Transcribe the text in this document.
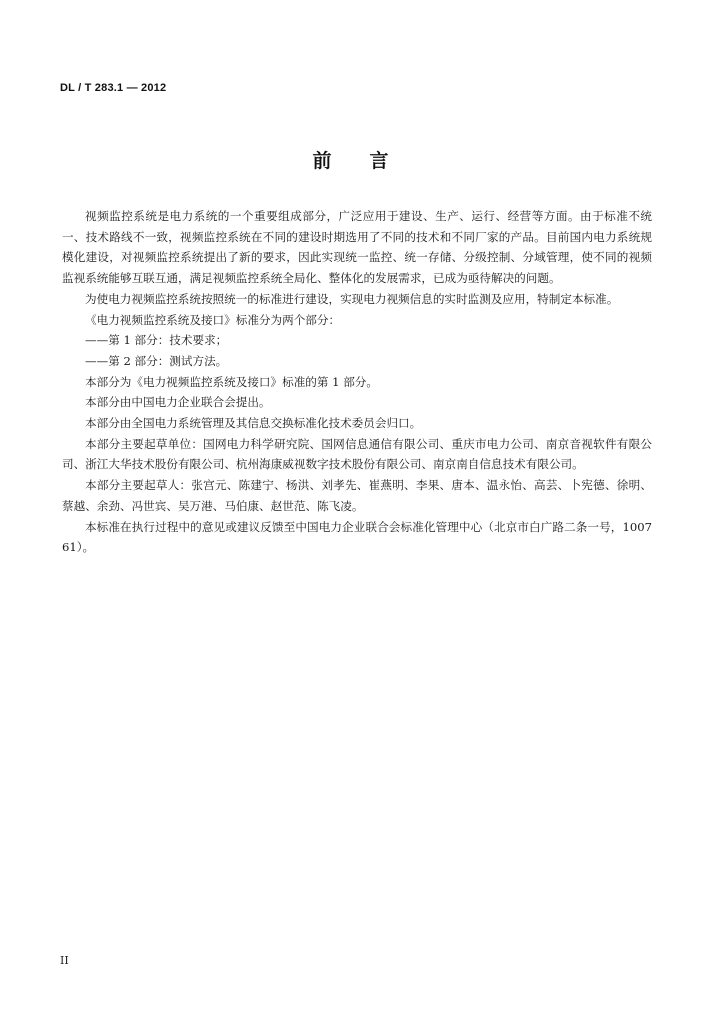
DL / T 283.1 — 2012
前言

视频监控系统是电力系统的一个重要组成部分，广泛应用于建设、生产、运行、经营等方面。由于标准不统一、技术路线不一致，视频监控系统在不同的建设时期选用了不同的技术和不同厂家的产品。目前国内电力系统规模化建设，对视频监控系统提出了新的要求，因此实现统一监控、统一存储、分级控制、分域管理，使不同的视频监视系统能够互联互通，满足视频监控系统全局化、整体化的发展需求，已成为亟待解决的问题。

为使电力视频监控系统按照统一的标准进行建设，实现电力视频信息的实时监测及应用，特制定本标准。

《电力视频监控系统及接口》标准分为两个部分：

——第 1 部分：技术要求；

——第 2 部分：测试方法。

本部分为《电力视频监控系统及接口》标准的第 1 部分。

本部分由中国电力企业联合会提出。

本部分由全国电力系统管理及其信息交换标准化技术委员会归口。

本部分主要起草单位：国网电力科学研究院、国网信息通信有限公司、重庆市电力公司、南京音视软件有限公司、浙江大华技术股份有限公司、杭州海康威视数字技术股份有限公司、南京南自信息技术有限公司。

本部分主要起草人：张宫元、陈建宁、杨洪、刘孝先、崔燕明、李果、唐本、温永怡、高芸、卜宪德、徐明、蔡越、余劲、冯世宾、吴万港、马伯康、赵世范、陈飞凌。

本标准在执行过程中的意见或建议反馈至中国电力企业联合会标准化管理中心（北京市白广路二条一号，100761）。

II
